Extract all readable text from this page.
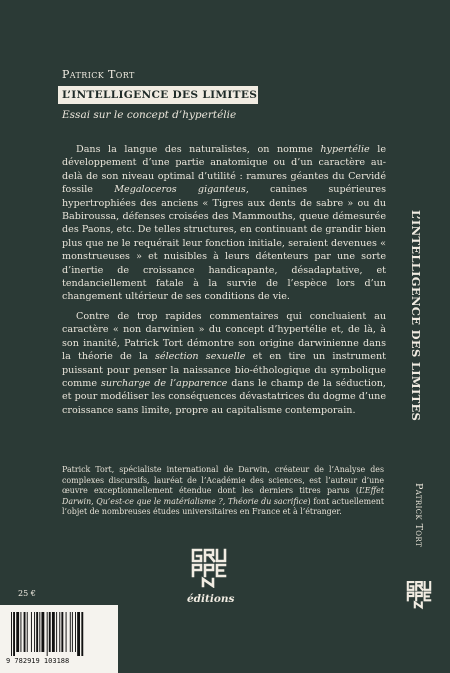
Patrick Tort
L’INTELLIGENCE DES LIMITES
Essai sur le concept d’hypertélie

Dans la langue des naturalistes, on nomme hypertélie le développement d’une partie anatomique ou d’un caractère au-delà de son niveau optimal d’utilité : ramures géantes du Cervidé fossile Megaloceros giganteus, canines supérieures hypertrophiées des anciens « Tigres aux dents de sabre » ou du Babiroussa, défenses croisées des Mammouths, queue démesurée des Paons, etc. De telles structures, en continuant de grandir bien plus que ne le requérait leur fonction initiale, seraient devenues « monstrueuses » et nuisibles à leurs détenteurs par une sorte d’inertie de croissance handicapante, désadaptative, et tendanciellement fatale à la survie de l’espèce lors d’un changement ultérieur de ses conditions de vie.

Contre de trop rapides commentaires qui concluaient au caractère « non darwinien » du concept d’hypertélie et, de là, à son inanité, Patrick Tort démontre son origine darwinienne dans la théorie de la sélection sexuelle et en tire un instrument puissant pour penser la naissance bio-éthologique du symbolique comme surcharge de l’apparence dans le champ de la séduction, et pour modéliser les conséquences dévastatrices du dogme d’une croissance sans limite, propre au capitalisme contemporain.

Patrick Tort, spécialiste international de Darwin, créateur de l’Analyse des complexes discursifs, lauréat de l’Académie des sciences, est l’auteur d’une œuvre exceptionnellement étendue dont les derniers titres parus (L’Effet Darwin, Qu’est-ce que le matérialisme ?, Théorie du sacrifice) font actuellement l’objet de nombreuses études universitaires en France et à l’étranger.

L’INTELLIGENCE DES LIMITES
Patrick Tort
éditions
25 €
9 782919 103188
